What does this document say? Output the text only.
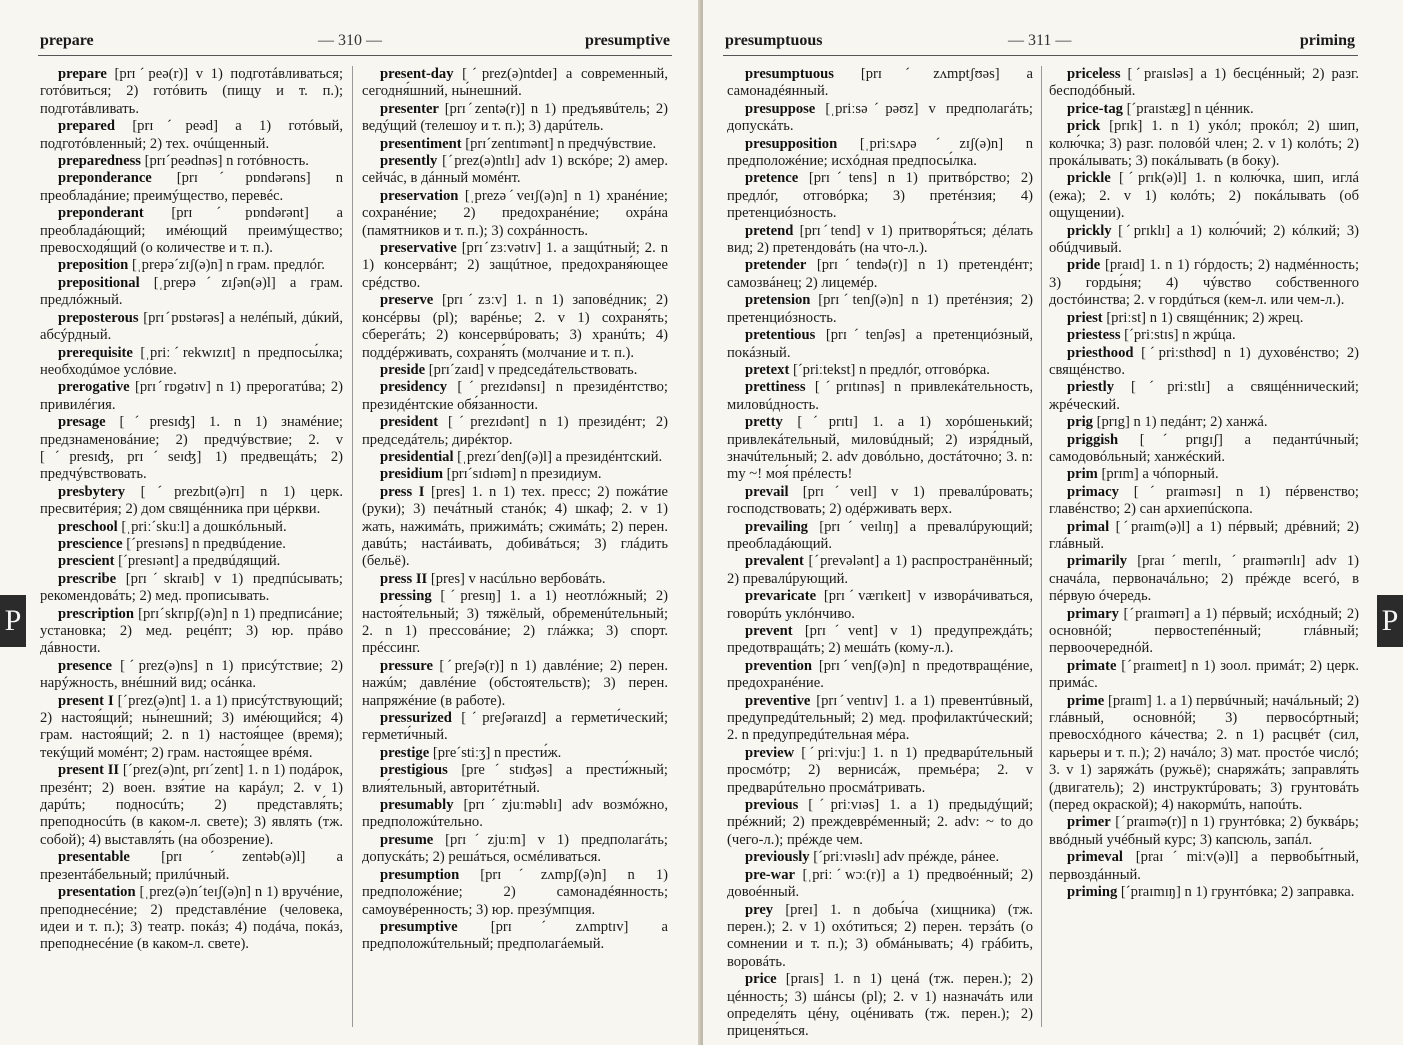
prepare	— 310 —	presumptive

prepare [prɪˊpeə(r)] v 1) подготáвливаться; готóвиться; 2) готóвить (пищу и т. п.); подготáвливать.

prepared [prɪˊpeəd] a 1) готóвый, подготóвленный; 2) тех. очúщенный.

preparedness [prɪˊpeədnəs] n готóвность.

preponderance [prɪˊpɒndərəns] n преобладáние; преимýщество, перевéс.

preponderant [prɪˊpɒndərənt] a преобладáющий; имéющий преимýщество; превосходя́щий (о количестве и т. п.).

preposition [ˌprepəˊzɪʃ(ə)n] n грам. предлóг.

prepositional [ˌprepəˊzɪʃən(ə)l] a грам. предлóжный.

preposterous [prɪˊpɒstərəs] a нелéпый, дúкий, абсýрдный.

prerequisite [ˌpriːˊrekwɪzɪt] n предпосы́лка; необходúмое услóвие.

prerogative [prɪˊrɒgətɪv] n 1) прерогатúва; 2) привилéгия.

presage [ˊpresɪʤ] 1. n 1) знамéние; предзнаменовáние; 2) предчýвствие; 2. v [ˊpresɪʤ, prɪˊseɪʤ] 1) предвещáть; 2) предчýвствовать.

presbytery [ˊprezbɪt(ə)rɪ] n 1) церк. пресвитéрия; 2) дом свящéнника при цéркви.

preschool [ˌpriːˊskuːl] a дошкóльный.

prescience [ˊpresɪəns] n предвúдение.

prescient [ˊpresɪənt] a предвúдящий.

prescribe [prɪˊskraɪb] v 1) предпúсывать; рекомендовáть; 2) мед. прописывать.

prescription [prɪˊskrɪpʃ(ə)n] n 1) предписáние; установка; 2) мед. рецéпт; 3) юр. прáво дáвности.

presence [ˊprez(ə)ns] n 1) присýтствие; 2) нарýжность, внéшний вид; осáнка.

present I [ˊprez(ə)nt] 1. a 1) присýтствующий; 2) настоя́щий; ны́нешний; 3) имéющийся; 4) грам. настоя́щий; 2. n 1) настоя́щее (время); текýщий момéнт; 2) грам. настоя́щее врéмя.

present II [ˊprez(ə)nt, prɪˊzent] 1. n 1) подáрок, презéнт; 2) воен. взя́тие на карáул; 2. v 1) дарúть; подносúть; 2) представля́ть; преподносúть (в каком-л. свете); 3) являть (тж. собой); 4) выставля́ть (на обозрение).

presentable [prɪˊzentəb(ə)l] a презентáбельный; прилúчный.

presentation [ˌprez(ə)nˊteɪʃ(ə)n] n 1) вручéние, преподнесéние; 2) представлéние (человека, идеи и т. п.); 3) театр. покáз; 4) подáча, покáз, преподнесéние (в каком-л. свете).

present-day [ˊprez(ə)ntdeɪ] a современный, сегодня́шний, ны́нешний.

presenter [prɪˊzentə(r)] n 1) предъявúтель; 2) ведýщий (телешоу и т. п.); 3) дарúтель.

presentiment [prɪˊzentɪmənt] n предчýвствие.

presently [ˊprez(ə)ntlɪ] adv 1) вскóре; 2) амер. сейчáс, в дáнный момéнт.

preservation [ˌprezəˊveɪʃ(ə)n] n 1) хранéние; сохранéние; 2) предохранéние; охрáна (памятников и т. п.); 3) сохрáнность.

preservative [prɪˊzɜːvətɪv] 1. a защúтный; 2. n 1) консервáнт; 2) защúтное, предохраня́ющее срéдство.

preserve [prɪˊzɜːv] 1. n 1) заповéдник; 2) консéрвы (pl); варéнье; 2. v 1) сохраня́ть; сберегáть; 2) консервúровать; 3) хранúть; 4) поддéрживать, сохраня́ть (молчание и т. п.).

preside [prɪˊzaɪd] v председáтельствовать.

presidency [ˊprezɪdənsɪ] n президéнтство; президéнтские обя́занности.

president [ˊprezɪdənt] n 1) президéнт; 2) председáтель; дирéктор.

presidential [ˌprezɪˊdenʃ(ə)l] a президéнтский.

presidium [prɪˊsɪdɪəm] n президиум.

press I [pres] 1. n 1) тех. пресс; 2) пожáтие (руки); 3) печáтный станóк; 4) шкаф; 2. v 1) жать, нажимáть, прижимáть; сжимáть; 2) перен. давúть; настáивать, добивáться; 3) глáдить (бельё).

press II [pres] v насúльно вербовáть.

pressing [ˊpresɪŋ] 1. a 1) неотлóжный; 2) настоя́тельный; 3) тяжёлый, обременúтельный; 2. n 1) прессовáние; 2) глáжка; 3) спорт. прéссинг.

pressure [ˊpreʃə(r)] n 1) давлéние; 2) перен. нажúм; давлéние (обстоятельств); 3) перен. напряжéние (в работе).

pressurized [ˊpreʃəraɪzd] a гермети́ческий; гермети́чный.

prestige [preˊstiːʒ] n прести́ж.

prestigious [preˊstɪʤəs] a прести́жный; влия́тельный, авторитéтный.

presumably [prɪˊzjuːməblɪ] adv возмóжно, предположúтельно.

presume [prɪˊzjuːm] v 1) предполагáть; допускáть; 2) решáться, осмéливаться.

presumption [prɪˊzʌmpʃ(ə)n] n 1) предположéние; 2) самонадéянность; самоувéренность; 3) юр. презýмпция.

presumptive [prɪˊzʌmptɪv] a предположúтельный; предполагáемый.

P
presumptuous	— 311 —	priming

presumptuous [prɪˊzʌmptʃʊəs] a самонадéянный.

presuppose [ˌpriːsəˊpəʊz] v предполагáть; допускáть.

presupposition [ˌpriːsʌpəˊzɪʃ(ə)n] n предположéние; исхóдная предпосы́лка.

pretence [prɪˊtens] n 1) притвóрство; 2) предлóг, отговóрка; 3) претéнзия; 4) претенциóзность.

pretend [prɪˊtend] v 1) притворя́ться; дéлать вид; 2) претендовáть (на что-л.).

pretender [prɪˊtendə(r)] n 1) претендéнт; самозвáнец; 2) лицемéр.

pretension [prɪˊtenʃ(ə)n] n 1) претéнзия; 2) претенциóзность.

pretentious [prɪˊtenʃəs] a претенциóзный, покáзный.

pretext [ˊpriːtekst] n предлóг, отговóрка.

prettiness [ˊprɪtɪnəs] n привлекáтельность, миловúдность.

pretty [ˊprɪtɪ] 1. a 1) хорóшенький; привлекáтельный, миловúдный; 2) изря́дный, значúтельный; 2. adv довóльно, достáточно; 3. n: my ~! моя́ прéлесть!

prevail [prɪˊveɪl] v 1) превалúровать; господствовать; 2) одéрживать верх.

prevailing [prɪˊveɪlɪŋ] a превалúрующий; преобладáющий.

prevalent [ˊprevələnt] a 1) распространённый; 2) превалúрующий.

prevaricate [prɪˊværɪkeɪt] v изворáчиваться, говорúть уклóнчиво.

prevent [prɪˊvent] v 1) предупреждáть; предотвращáть; 2) мешáть (кому-л.).

prevention [prɪˊvenʃ(ə)n] n предотвращéние, предохранéние.

preventive [prɪˊventɪv] 1. a 1) превентúвный, предупредúтельный; 2) мед. профилактúческий; 2. n предупредúтельная мéра.

preview [ˊpriːvjuː] 1. n 1) предварúтельный просмóтр; 2) вернисáж, премьéра; 2. v предварúтельно просмáтривать.

previous [ˊpriːvɪəs] 1. a 1) предыдýщий; прéжний; 2) преждеврéменный; 2. adv: ~ to до (чего-л.); прéжде чем.

previously [ˊpriːvɪəslɪ] adv прéжде, рáнее.

pre-war [ˌpriːˊwɔː(r)] a 1) предвоéнный; 2) довоéнный.

prey [preɪ] 1. n добы́ча (хищника) (тж. перен.); 2. v 1) охóтиться; 2) перен. терзáть (о сомнении и т. п.); 3) обмáнывать; 4) грáбить, воровáть.

price [praɪs] 1. n 1) ценá (тж. перен.); 2) цéнность; 3) шáнсы (pl); 2. v 1) назначáть или определя́ть цéну, оцéнивать (тж. перен.); 2) приценя́ться.

priceless [ˊpraɪsləs] a 1) бесцéнный; 2) разг. бесподóбный.

price-tag [ˊpraɪstæg] n цéнник.

prick [prɪk] 1. n 1) укóл; прокóл; 2) шип, колю́чка; 3) разг. половóй член; 2. v 1) колóть; 2) прокáлывать; 3) покáлывать (в боку).

prickle [ˊprɪk(ə)l] 1. n колю́чка, шип, иглá (ежа); 2. v 1) колóть; 2) покáлывать (об ощущении).

prickly [ˊprɪklɪ] a 1) колю́чий; 2) кóлкий; 3) обúдчивый.

pride [praɪd] 1. n 1) гóрдость; 2) надмéнность; 3) горды́ня; 4) чýвство собственного достóинства; 2. v гордúться (кем-л. или чем-л.).

priest [priːst] n 1) свящéнник; 2) жрец.

priestess [ˊpriːstɪs] n жрúца.

priesthood [ˊpriːsthʊd] n 1) духовéнство; 2) свящéнство.

priestly [ˊpriːstlɪ] a свящéннический; жрéческий.

prig [prɪg] n 1) педáнт; 2) ханжá.

priggish [ˊprɪgɪʃ] a педантúчный; самодовóльный; ханжéский.

prim [prɪm] a чóпорный.

primacy [ˊpraɪməsɪ] n 1) пéрвенство; главéнство; 2) сан архиепúскопа.

primal [ˊpraɪm(ə)l] a 1) пéрвый; дрéвний; 2) глáвный.

primarily [praɪˊmerɪlɪ, ˊpraɪmərɪlɪ] adv 1) сначáла, первоначáльно; 2) прéжде всегó, в пéрвую óчередь.

primary [ˊpraɪmərɪ] a 1) пéрвый; исхóдный; 2) основнóй; первостепéнный; глáвный; первоочереднóй.

primate [ˊpraɪmeɪt] n 1) зоол. примáт; 2) церк. примáс.

prime [praɪm] 1. a 1) первúчный; начáльный; 2) глáвный, основнóй; 3) первосóртный; превосхóдного кáчества; 2. n 1) расцвéт (сил, карьеры и т. п.); 2) начáло; 3) мат. простóе числó; 3. v 1) заряжáть (ружьё); снаряжáть; заправля́ть (двигатель); 2) инструктúровать; 3) грунтовáть (перед окраской); 4) накормúть, напоúть.

primer [ˊpraɪmə(r)] n 1) грунтóвка; 2) буквáрь; ввóдный учéбный курс; 3) капсюль, запáл.

primeval [praɪˊmiːv(ə)l] a первобы́тный, первоздáнный.

priming [ˊpraɪmɪŋ] n 1) грунтóвка; 2) заправка.

P
